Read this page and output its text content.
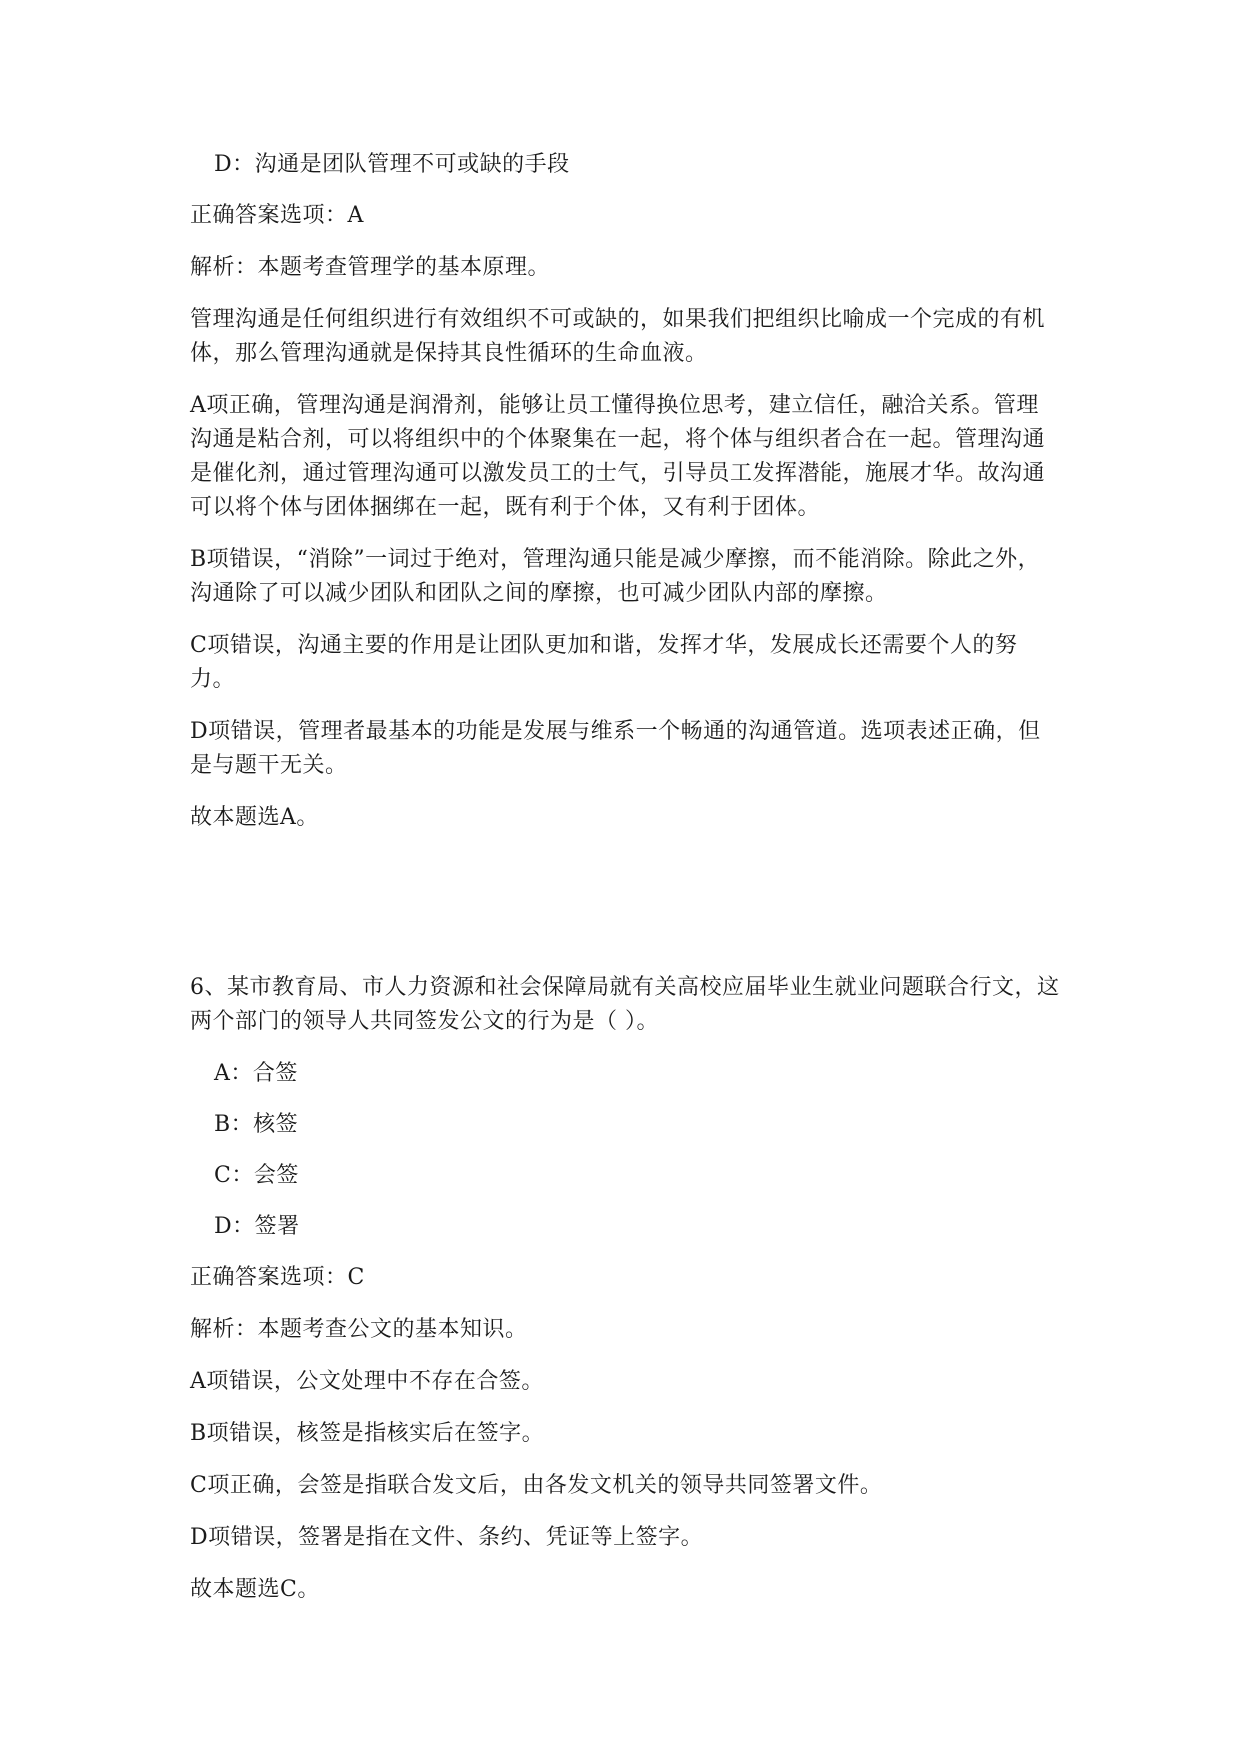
D：沟通是团队管理不可或缺的手段

正确答案选项：A

解析：本题考查管理学的基本原理。

管理沟通是任何组织进行有效组织不可或缺的，如果我们把组织比喻成一个完成的有机体，那么管理沟通就是保持其良性循环的生命血液。

A项正确，管理沟通是润滑剂，能够让员工懂得换位思考，建立信任，融洽关系。管理沟通是粘合剂，可以将组织中的个体聚集在一起，将个体与组织者合在一起。管理沟通是催化剂，通过管理沟通可以激发员工的士气，引导员工发挥潜能，施展才华。故沟通可以将个体与团体捆绑在一起，既有利于个体，又有利于团体。

B项错误，“消除”一词过于绝对，管理沟通只能是减少摩擦，而不能消除。除此之外，沟通除了可以减少团队和团队之间的摩擦，也可减少团队内部的摩擦。

C项错误，沟通主要的作用是让团队更加和谐，发挥才华，发展成长还需要个人的努力。

D项错误，管理者最基本的功能是发展与维系一个畅通的沟通管道。选项表述正确，但是与题干无关。

故本题选A。

6、某市教育局、市人力资源和社会保障局就有关高校应届毕业生就业问题联合行文，这两个部门的领导人共同签发公文的行为是（ ）。

A：合签

B：核签

C：会签

D：签署

正确答案选项：C

解析：本题考查公文的基本知识。

A项错误，公文处理中不存在合签。

B项错误，核签是指核实后在签字。

C项正确，会签是指联合发文后，由各发文机关的领导共同签署文件。

D项错误，签署是指在文件、条约、凭证等上签字。

故本题选C。
